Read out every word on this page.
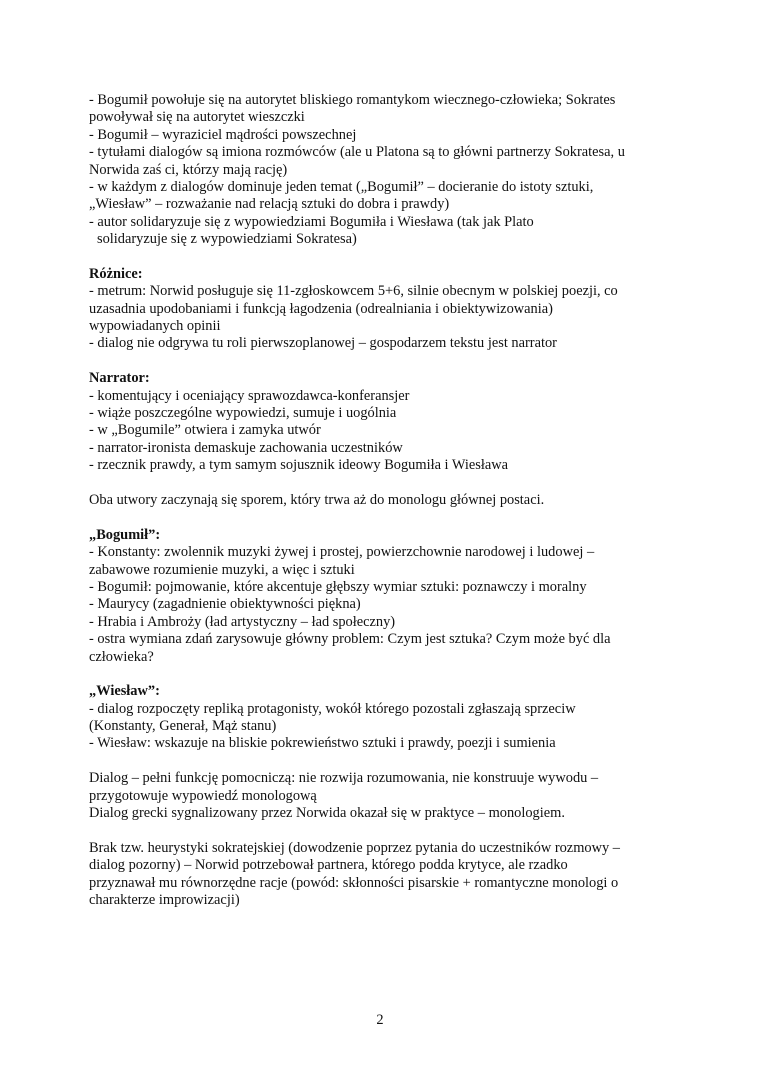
- Bogumił powołuje się na autorytet bliskiego romantykom wiecznego-człowieka; Sokrates
powoływał się na autorytet wieszczki
- Bogumił – wyraziciel mądrości powszechnej
- tytułami dialogów są imiona rozmówców (ale u Platona są to główni partnerzy Sokratesa, u
Norwida zaś ci, którzy mają rację)
- w każdym z dialogów dominuje jeden temat („Bogumił” – docieranie do istoty sztuki,
„Wiesław” – rozważanie nad relacją sztuki do dobra i prawdy)
- autor solidaryzuje się z wypowiedziami Bogumiła i Wiesława (tak jak Plato
solidaryzuje się z wypowiedziami Sokratesa)
Różnice:
- metrum: Norwid posługuje się 11-zgłoskowcem 5+6, silnie obecnym w polskiej poezji, co
uzasadnia upodobaniami i funkcją łagodzenia (odrealniania i obiektywizowania)
wypowiadanych opinii
- dialog nie odgrywa tu roli pierwszoplanowej – gospodarzem tekstu jest narrator
Narrator:
- komentujący i oceniający sprawozdawca-konferansjer
- wiąże poszczególne wypowiedzi, sumuje i uogólnia
- w „Bogumile” otwiera i zamyka utwór
- narrator-ironista demaskuje zachowania uczestników
- rzecznik prawdy, a tym samym sojusznik ideowy Bogumiła i Wiesława
Oba utwory zaczynają się sporem, który trwa aż do monologu głównej postaci.
„Bogumił”:
- Konstanty: zwolennik muzyki żywej i prostej, powierzchownie narodowej i ludowej –
zabawowe rozumienie muzyki, a więc i sztuki
- Bogumił: pojmowanie, które akcentuje głębszy wymiar sztuki: poznawczy i moralny
- Maurycy (zagadnienie obiektywności piękna)
- Hrabia i Ambroży (ład artystyczny – ład społeczny)
- ostra wymiana zdań zarysowuje główny problem: Czym jest sztuka? Czym może być dla
człowieka?
„Wiesław”:
- dialog rozpoczęty repliką protagonisty, wokół którego pozostali zgłaszają sprzeciw
(Konstanty, Generał, Mąż stanu)
- Wiesław: wskazuje na bliskie pokrewieństwo sztuki i prawdy, poezji i sumienia
Dialog – pełni funkcję pomocniczą: nie rozwija rozumowania, nie konstruuje wywodu –
przygotowuje wypowiedź monologową
Dialog grecki sygnalizowany przez Norwida okazał się w praktyce – monologiem.
Brak tzw. heurystyki sokratejskiej (dowodzenie poprzez pytania do uczestników rozmowy –
dialog pozorny) – Norwid potrzebował partnera, którego podda krytyce, ale rzadko
przyznawał mu równorzędne racje (powód: skłonności pisarskie + romantyczne monologi o
charakterze improwizacji)
2
